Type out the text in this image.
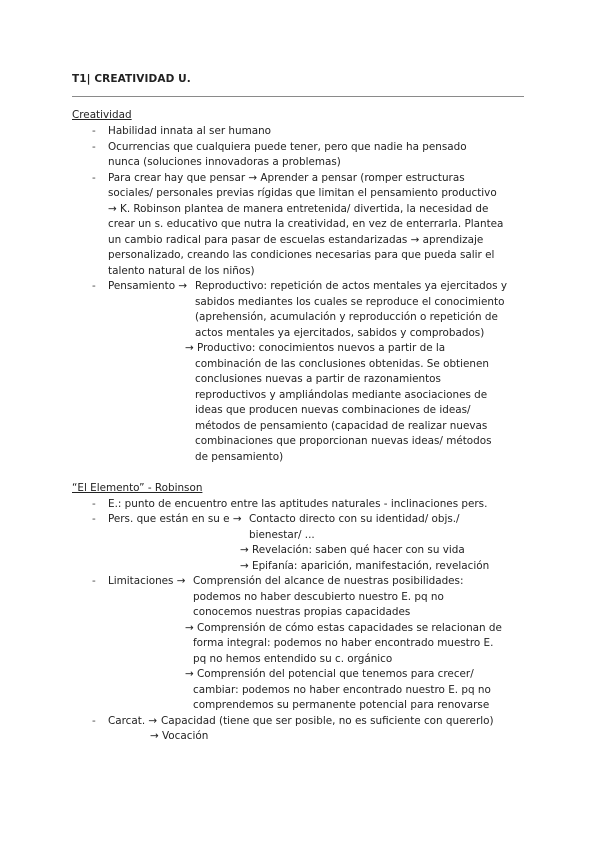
T1| CREATIVIDAD U.
Creatividad
- Habilidad innata al ser humano
- Ocurrencias que cualquiera puede tener, pero que nadie ha pensado
nunca (soluciones innovadoras a problemas)
- Para crear hay que pensar → Aprender a pensar (romper estructuras
sociales/ personales previas rígidas que limitan el pensamiento productivo
→ K. Robinson plantea de manera entretenida/ divertida, la necesidad de
crear un s. educativo que nutra la creatividad, en vez de enterrarla. Plantea
un cambio radical para pasar de escuelas estandarizadas → aprendizaje
personalizado, creando las condiciones necesarias para que pueda salir el
talento natural de los niños)
- Pensamiento → Reproductivo: repetición de actos mentales ya ejercitados y
sabidos mediantes los cuales se reproduce el conocimiento
(aprehensión, acumulación y reproducción o repetición de
actos mentales ya ejercitados, sabidos y comprobados)
→ Productivo: conocimientos nuevos a partir de la
combinación de las conclusiones obtenidas. Se obtienen
conclusiones nuevas a partir de razonamientos
reproductivos y ampliándolas mediante asociaciones de
ideas que producen nuevas combinaciones de ideas/
métodos de pensamiento (capacidad de realizar nuevas
combinaciones que proporcionan nuevas ideas/ métodos
de pensamiento)
“El Elemento” - Robinson
- E.: punto de encuentro entre las aptitudes naturales - inclinaciones pers.
- Pers. que están en su e → Contacto directo con su identidad/ objs./
bienestar/ ...
→ Revelación: saben qué hacer con su vida
→ Epifanía: aparición, manifestación, revelación
- Limitaciones → Comprensión del alcance de nuestras posibilidades:
podemos no haber descubierto nuestro E. pq no
conocemos nuestras propias capacidades
→ Comprensión de cómo estas capacidades se relacionan de
forma integral: podemos no haber encontrado muestro E.
pq no hemos entendido su c. orgánico
→ Comprensión del potencial que tenemos para crecer/
cambiar: podemos no haber encontrado nuestro E. pq no
comprendemos su permanente potencial para renovarse
- Carcat. → Capacidad (tiene que ser posible, no es suficiente con quererlo)
→ Vocación
